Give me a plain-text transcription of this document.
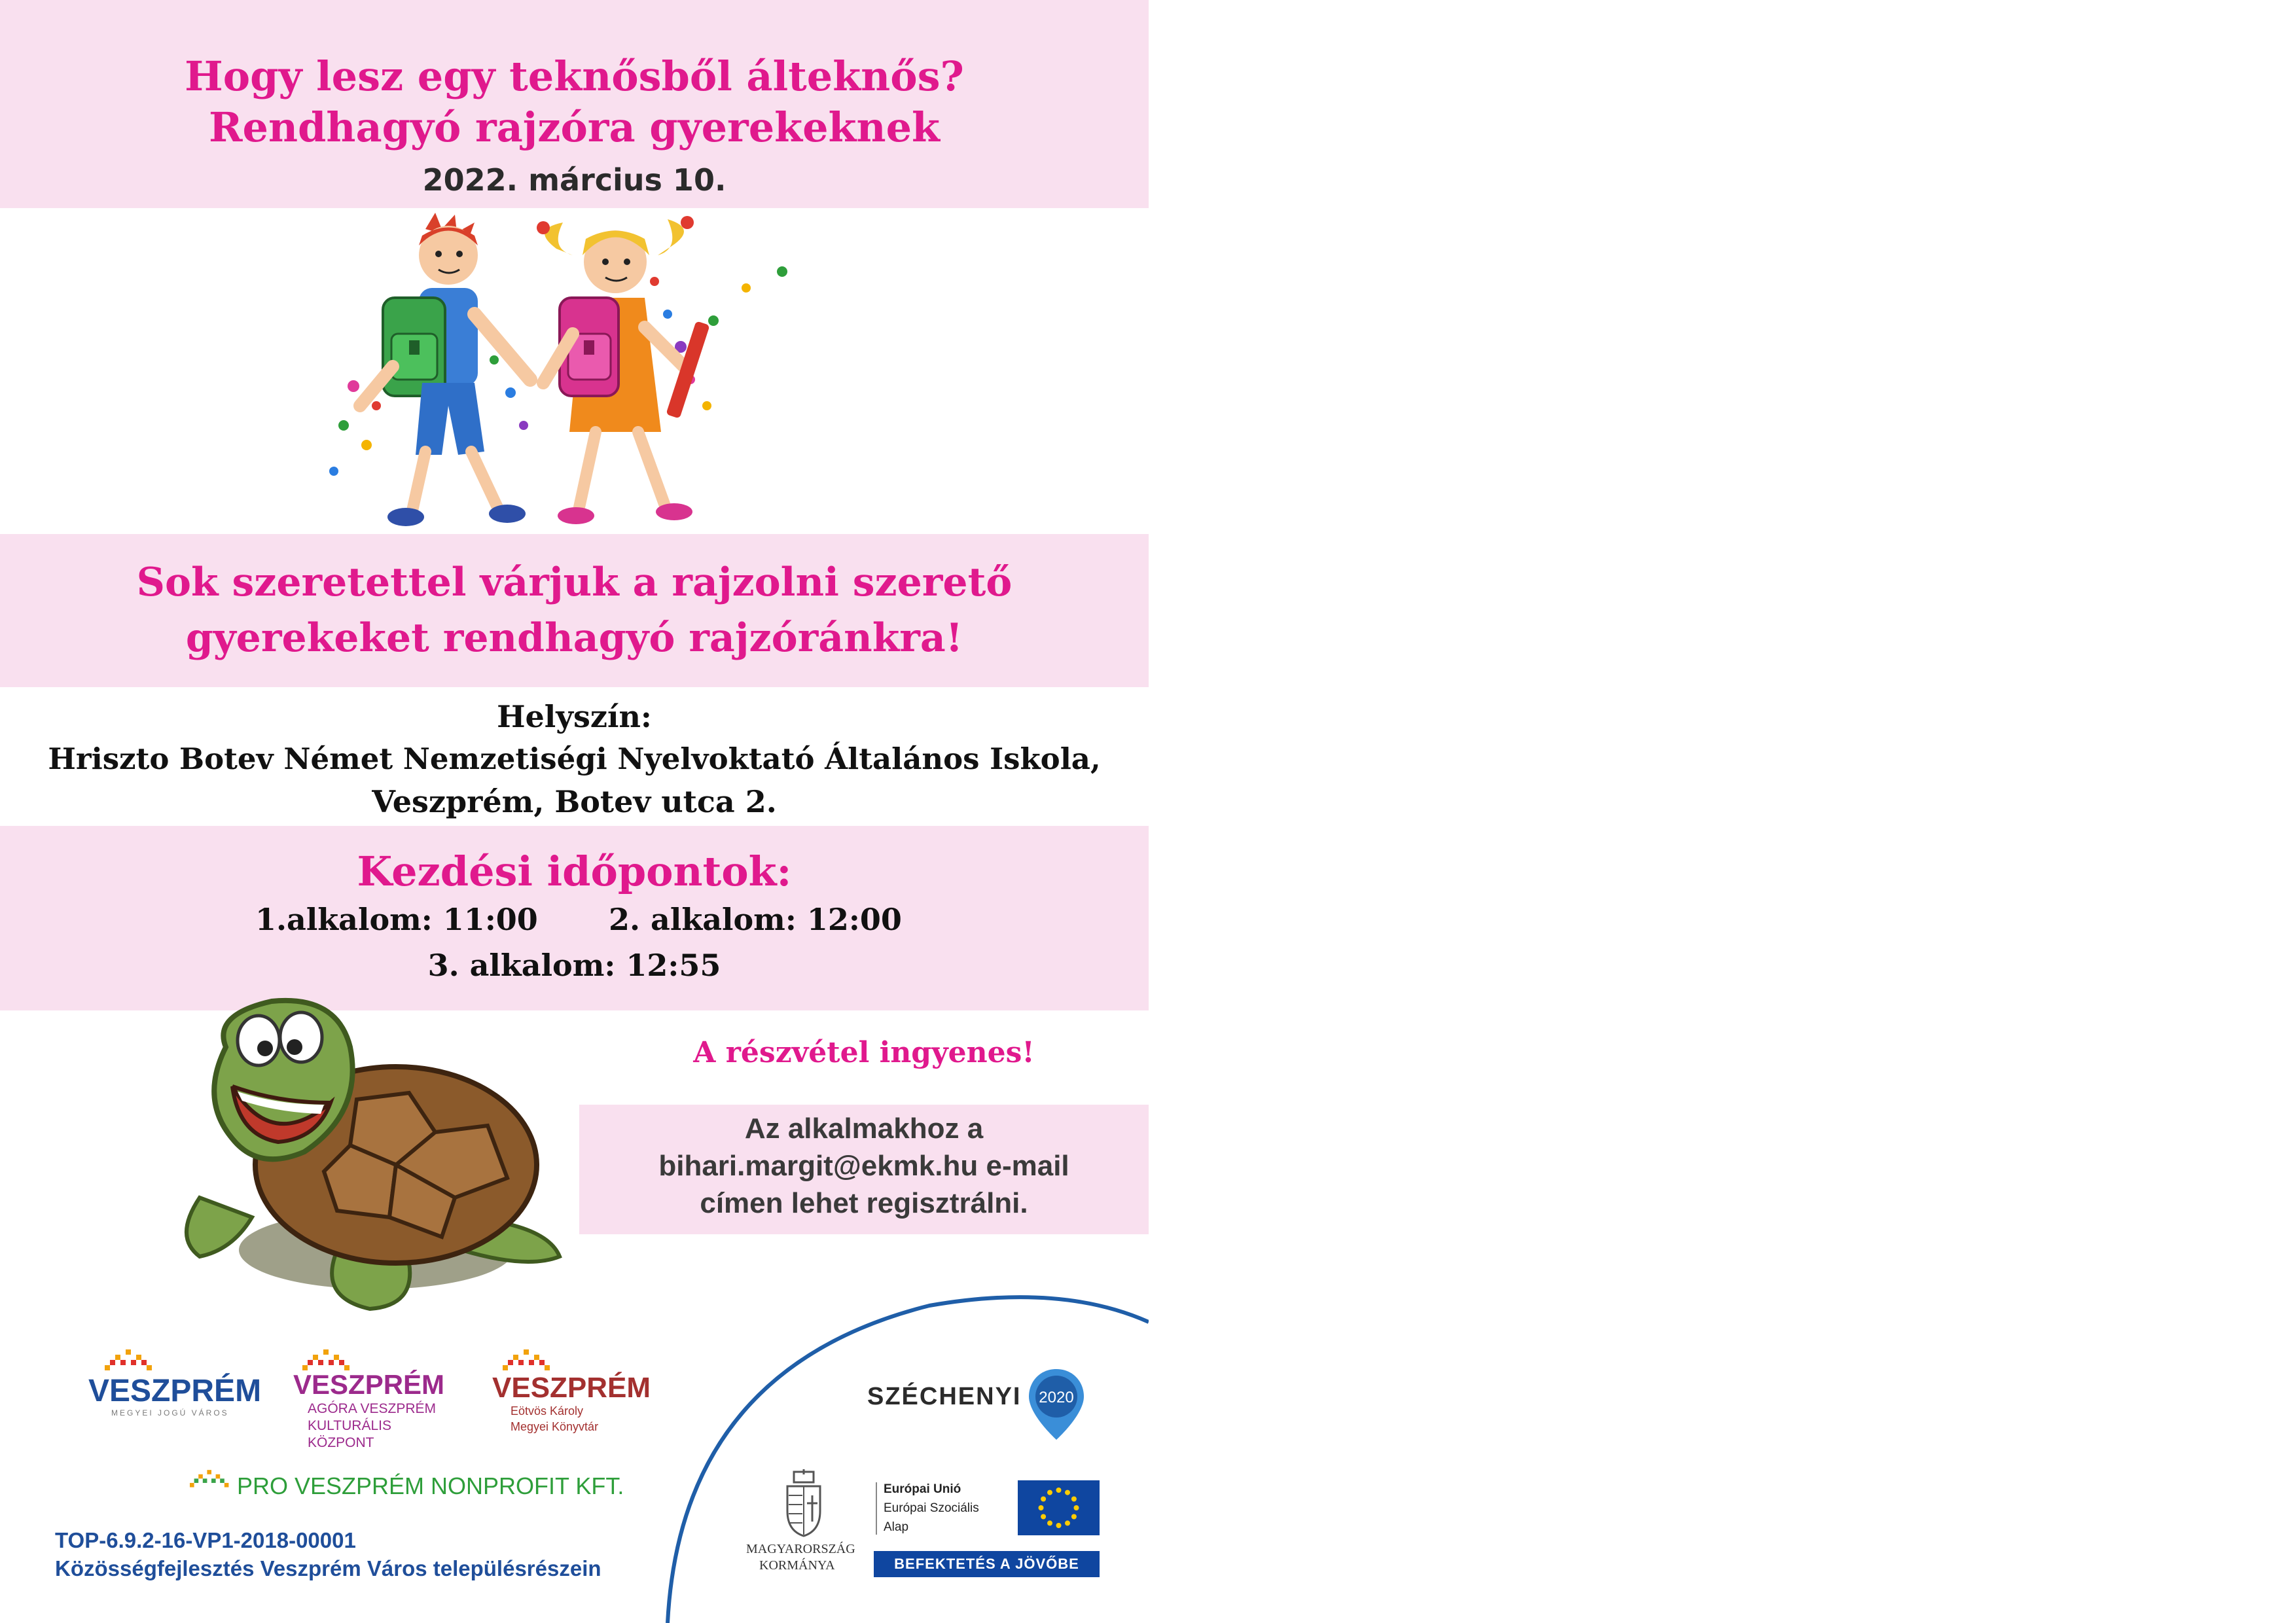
Hogy lesz egy teknősből álteknős?
Rendhagyó rajzóra gyerekeknek
2022. március 10.
Sok szeretettel várjuk a rajzolni szerető
gyerekeket rendhagyó rajzóránkra!
Helyszín:
Hriszto Botev Német Nemzetiségi Nyelvoktató Általános Iskola,
Veszprém, Botev utca 2.
Kezdési időpontok:
1.alkalom: 11:00 2. alkalom: 12:00
3. alkalom: 12:55
A részvétel ingyenes!
Az alkalmakhoz a
bihari.margit@ekmk.hu e-mail
címen lehet regisztrálni.
VESZPRÉM
MEGYEI JOGÚ VÁROS
VESZPRÉM
AGÓRA VESZPRÉM
KULTURÁLIS
KÖZPONT
VESZPRÉM
Eötvös Károly
Megyei Könyvtár
PRO VESZPRÉM NONPROFIT KFT.
TOP-6.9.2-16-VP1-2018-00001
Közösségfejlesztés Veszprém Város településrészein
SZÉCHENYI 2020
MAGYARORSZÁG
KORMÁNYA
Európai Unió
Európai Szociális
Alap
BEFEKTETÉS A JÖVŐBE
